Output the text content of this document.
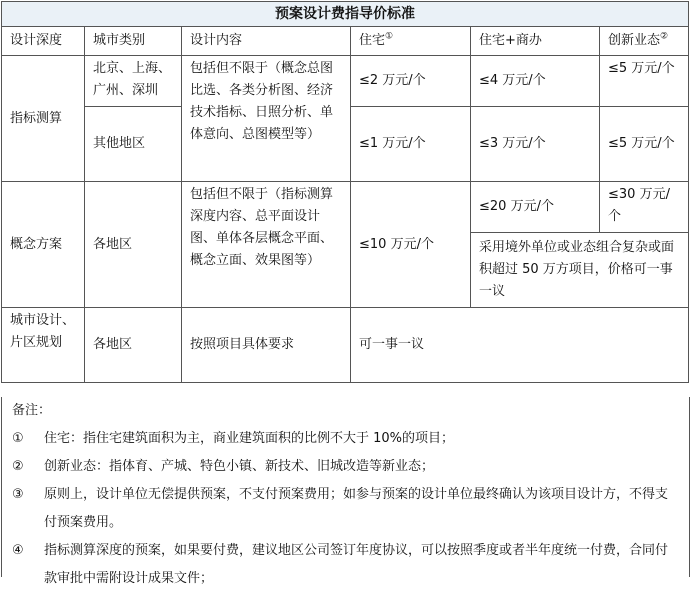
预案设计费指导价标准					
设计深度	城市类别	设计内容	住宅①	住宅+商办	创新业态②
指标测算	北京、上海、广州、深圳	包括但不限于（概念总图比选、各类分析图、经济技术指标、日照分析、单体意向、总图模型等）	≤2 万元/个	≤4 万元/个	≤5 万元/个
	其他地区		≤1 万元/个	≤3 万元/个	≤5 万元/个
概念方案	各地区	包括但不限于（指标测算深度内容、总平面设计图、单体各层概念平面、概念立面、效果图等）	≤10 万元/个	≤20 万元/个	≤30 万元/个
				采用境外单位或业态组合复杂或面积超过 50 万方项目，价格可一事一议	
城市设计、片区规划	各地区	按照项目具体要求	可一事一议		
备注：
①	住宅：指住宅建筑面积为主，商业建筑面积的比例不大于 10%的项目；
②	创新业态：指体育、产城、特色小镇、新技术、旧城改造等新业态；
③	原则上，设计单位无偿提供预案，不支付预案费用；如参与预案的设计单位最终确认为该项目设计方，不得支付预案费用。
④	指标测算深度的预案，如果要付费，建议地区公司签订年度协议，可以按照季度或者半年度统一付费，合同付款审批中需附设计成果文件；
